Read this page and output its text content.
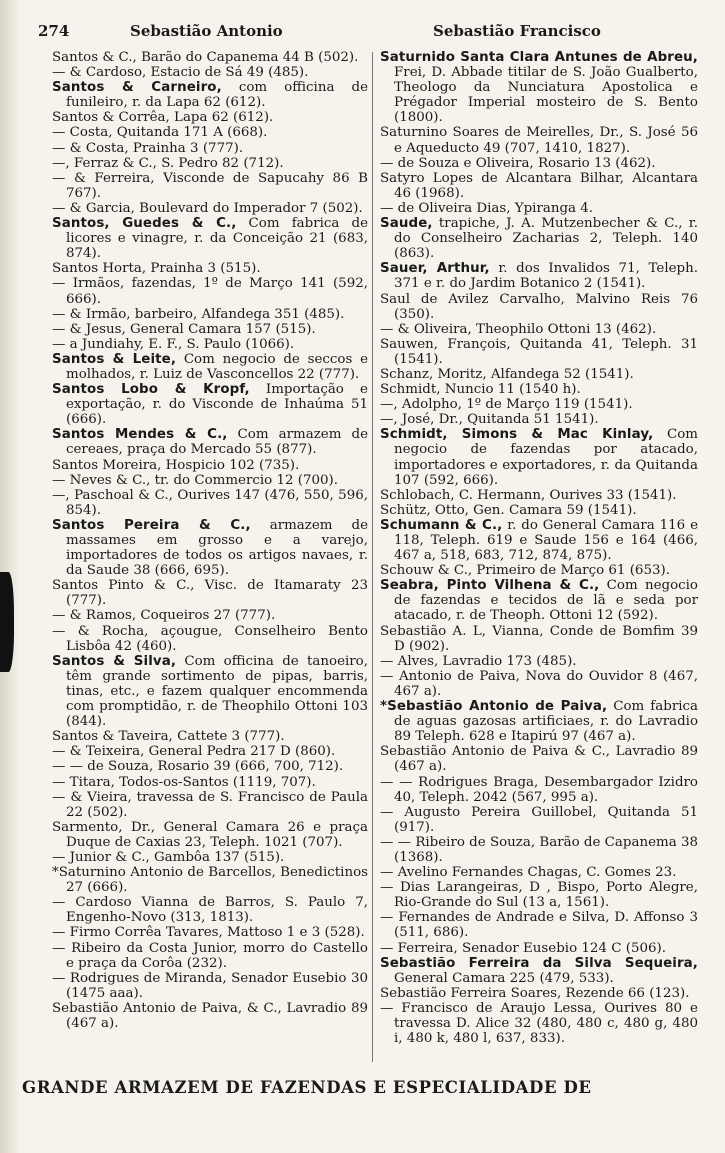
274	Sebastião Antonio	Sebastião Francisco

Santos & C., Barão do Capanema 44 B (502).

— & Cardoso, Estacio de Sá 49 (485).

Santos & Carneiro, com officina de funileiro, r. da Lapa 62 (612).

Santos & Corrêa, Lapa 62 (612).

— Costa, Quitanda 171 A (668).

— & Costa, Prainha 3 (777).

—, Ferraz & C., S. Pedro 82 (712).

— & Ferreira, Visconde de Sapucahy 86 B 767).

— & Garcia, Boulevard do Imperador 7 (502).

Santos, Guedes & C., Com fabrica de licores e vinagre, r. da Conceição 21 (683, 874).

Santos Horta, Prainha 3 (515).

— Irmãos, fazendas, 1º de Março 141 (592, 666).

— & Irmão, barbeiro, Alfandega 351 (485).

— & Jesus, General Camara 157 (515).

— a Jundiahy, E. F., S. Paulo (1066).

Santos & Leite, Com negocio de seccos e molhados, r. Luiz de Vasconcellos 22 (777).

Santos Lobo & Kropf, Importação e exportação, r. do Visconde de Inhaúma 51 (666).

Santos Mendes & C., Com armazem de cereaes, praça do Mercado 55 (877).

Santos Moreira, Hospicio 102 (735).

— Neves & C., tr. do Commercio 12 (700).

—, Paschoal & C., Ourives 147 (476, 550, 596, 854).

Santos Pereira & C., armazem de massames em grosso e a varejo, importadores de todos os artigos navaes, r. da Saude 38 (666, 695).

Santos Pinto & C., Visc. de Itamaraty 23 (777).

— & Ramos, Coqueiros 27 (777).

— & Rocha, açougue, Conselheiro Bento Lisbôa 42 (460).

Santos & Silva, Com officina de tanoeiro, têm grande sortimento de pipas, barris, tinas, etc., e fazem qualquer encommenda com promptidão, r. de Theophilo Ottoni 103 (844).

Santos & Taveira, Cattete 3 (777).

— & Teixeira, General Pedra 217 D (860).

— — de Souza, Rosario 39 (666, 700, 712).

— Titara, Todos-os-Santos (1119, 707).

— & Vieira, travessa de S. Francisco de Paula 22 (502).

Sarmento, Dr., General Camara 26 e praça Duque de Caxias 23, Teleph. 1021 (707).

— Junior & C., Gambôa 137 (515).

*Saturnino Antonio de Barcellos, Benedictinos 27 (666).

— Cardoso Vianna de Barros, S. Paulo 7, Engenho-Novo (313, 1813).

— Firmo Corrêa Tavares, Mattoso 1 e 3 (528).

— Ribeiro da Costa Junior, morro do Castello e praça da Corôa (232).

— Rodrigues de Miranda, Senador Eusebio 30 (1475 aaa).

Sebastião Antonio de Paiva, & C., Lavradio 89 (467 a).

Saturnido Santa Clara Antunes de Abreu, Frei, D. Abbade titilar de S. João Gualberto, Theologo da Nunciatura Apostolica e Prégador Imperial mosteiro de S. Bento (1800).

Saturnino Soares de Meirelles, Dr., S. José 56 e Aqueducto 49 (707, 1410, 1827).

— de Souza e Oliveira, Rosario 13 (462).

Satyro Lopes de Alcantara Bilhar, Alcantara 46 (1968).

— de Oliveira Dias, Ypiranga 4.

Saude, trapiche, J. A. Mutzenbecher & C., r. do Conselheiro Zacharias 2, Teleph. 140 (863).

Sauer, Arthur, r. dos Invalidos 71, Teleph. 371 e r. do Jardim Botanico 2 (1541).

Saul de Avilez Carvalho, Malvino Reis 76 (350).

— & Oliveira, Theophilo Ottoni 13 (462).

Sauwen, François, Quitanda 41, Teleph. 31 (1541).

Schanz, Moritz, Alfandega 52 (1541).

Schmidt, Nuncio 11 (1540 h).

—, Adolpho, 1º de Março 119 (1541).

—, José, Dr., Quitanda 51 1541).

Schmidt, Simons & Mac Kinlay, Com negocio de fazendas por atacado, importadores e exportadores, r. da Quitanda 107 (592, 666).

Schlobach, C. Hermann, Ourives 33 (1541).

Schütz, Otto, Gen. Camara 59 (1541).

Schumann & C., r. do General Camara 116 e 118, Teleph. 619 e Saude 156 e 164 (466, 467 a, 518, 683, 712, 874, 875).

Schouw & C., Primeiro de Março 61 (653).

Seabra, Pinto Vilhena & C., Com negocio de fazendas e tecidos de lã e seda por atacado, r. de Theoph. Ottoni 12 (592).

Sebastião A. L, Vianna, Conde de Bomfim 39 D (902).

— Alves, Lavradio 173 (485).

— Antonio de Paiva, Nova do Ouvidor 8 (467, 467 a).

*Sebastião Antonio de Paiva, Com fabrica de aguas gazosas artificiaes, r. do Lavradio 89 Teleph. 628 e Itapirú 97 (467 a).

Sebastião Antonio de Paiva & C., Lavradio 89 (467 a).

— — Rodrigues Braga, Desembargador Izidro 40, Teleph. 2042 (567, 995 a).

— Augusto Pereira Guillobel, Quitanda 51 (917).

— — Ribeiro de Souza, Barão de Capanema 38 (1368).

— Avelino Fernandes Chagas, C. Gomes 23.

— Dias Larangeiras, D , Bispo, Porto Alegre, Rio-Grande do Sul (13 a, 1561).

— Fernandes de Andrade e Silva, D. Affonso 3 (511, 686).

— Ferreira, Senador Eusebio 124 C (506).

Sebastião Ferreira da Silva Sequeira, General Camara 225 (479, 533).

Sebastião Ferreira Soares, Rezende 66 (123).

— Francisco de Araujo Lessa, Ourives 80 e travessa D. Alice 32 (480, 480 c, 480 g, 480 i, 480 k, 480 l, 637, 833).

GRANDE ARMAZEM DE FAZENDAS E ESPECIALIDADE DE
